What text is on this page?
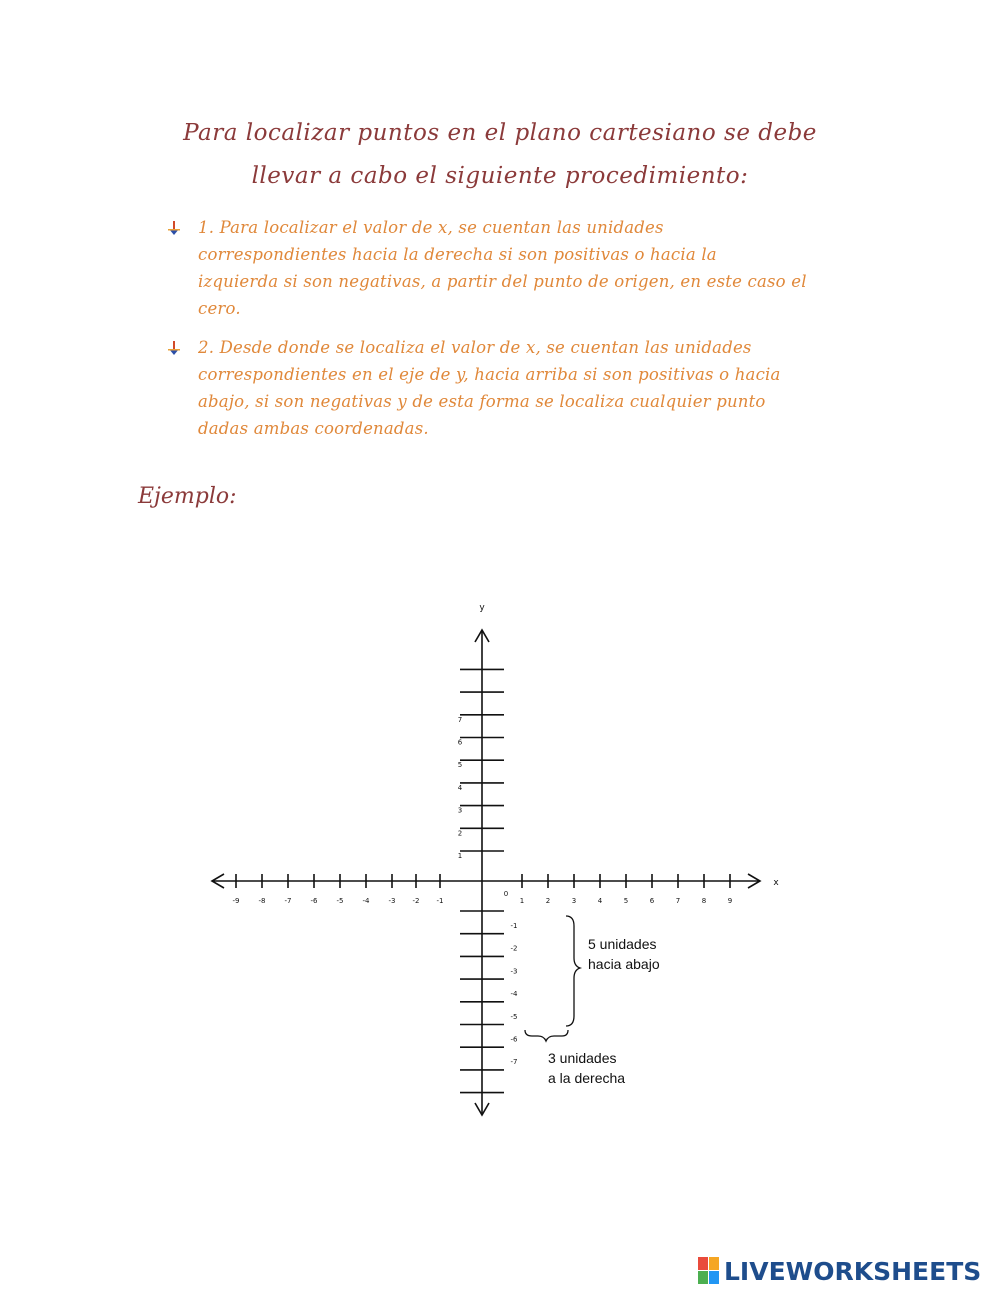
Para localizar puntos en el plano cartesiano se debe
llevar a cabo el siguiente procedimiento:
1. Para localizar el valor de x, se cuentan las unidades
correspondientes hacia la derecha si son positivas o hacia la
izquierda si son negativas, a partir del punto de origen, en este caso el
cero.
2. Desde donde se localiza el valor de x, se cuentan las unidades
correspondientes en el eje de y, hacia arriba si son positivas o hacia
abajo, si son negativas y de esta forma se localiza cualquier punto
dadas ambas coordenadas.
Ejemplo:
-9	-8	-7	-6	-5	-4	-3 -2 -1	1	2	3	4	5	6	7	8	9
7
6
5
4
3
2
1
-1
-2
-3
-4
-5
-6
-7
y
x
0
5 unidades
hacia abajo
3 unidades
a la derecha
LIVEWORKSHEETS
